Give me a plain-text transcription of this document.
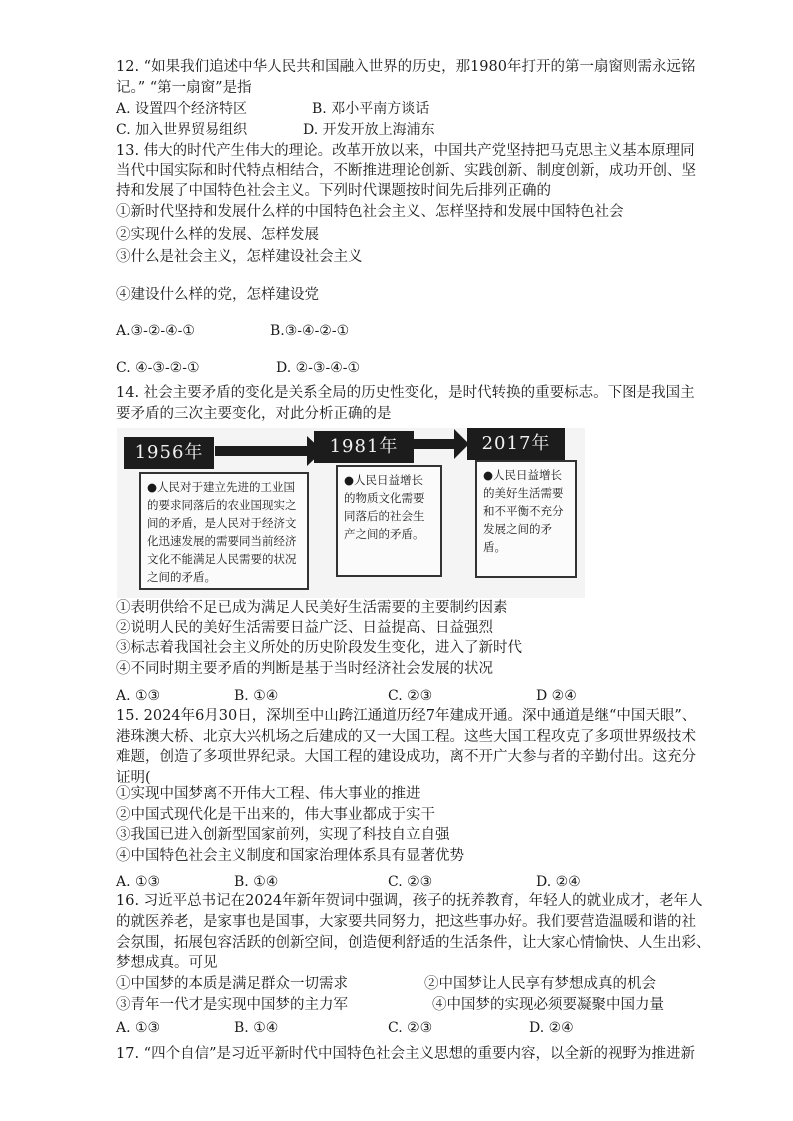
12. “如果我们追述中华人民共和国融入世界的历史，那1980年打开的第一扇窗则需永远铭
记。” “第一扇窗”是指
A. 设置四个经济特区	B. 邓小平南方谈话
C. 加入世界贸易组织	D. 开发开放上海浦东
13. 伟大的时代产生伟大的理论。改革开放以来，中国共产党坚持把马克思主义基本原理同
当代中国实际和时代特点相结合，不断推进理论创新、实践创新、制度创新，成功开创、坚
持和发展了中国特色社会主义。下列时代课题按时间先后排列正确的
①新时代坚持和发展什么样的中国特色社会主义、怎样坚持和发展中国特色社会
②实现什么样的发展、怎样发展
③什么是社会主义，怎样建设社会主义
④建设什么样的党，怎样建设党
A.③-②-④-①	B.③-④-②-①
C. ④-③-②-①	D. ②-③-④-①
14. 社会主要矛盾的变化是关系全局的历史性变化，是时代转换的重要标志。下图是我国主
要矛盾的三次主要变化，对此分析正确的是
1956年	1981年	2017年
●人民对于建立先进的工业国的要求同落后的农业国现实之间的矛盾，是人民对于经济文化迅速发展的需要同当前经济文化不能满足人民需要的状况之间的矛盾。
●人民日益增长的物质文化需要同落后的社会生产之间的矛盾。
●人民日益增长的美好生活需要和不平衡不充分发展之间的矛盾。
①表明供给不足已成为满足人民美好生活需要的主要制约因素
②说明人民的美好生活需要日益广泛、日益提高、日益强烈
③标志着我国社会主义所处的历史阶段发生变化，进入了新时代
④不同时期主要矛盾的判断是基于当时经济社会发展的状况
A. ①③	B. ①④	C. ②③	D ②④
15. 2024年6月30日，深圳至中山跨江通道历经7年建成开通。深中通道是继“中国天眼”、
港珠澳大桥、北京大兴机场之后建成的又一大国工程。这些大国工程攻克了多项世界级技术
难题，创造了多项世界纪录。大国工程的建设成功，离不开广大参与者的辛勤付出。这充分
证明(
①实现中国梦离不开伟大工程、伟大事业的推进
②中国式现代化是干出来的，伟大事业都成于实干
③我国已进入创新型国家前列，实现了科技自立自强
④中国特色社会主义制度和国家治理体系具有显著优势
A. ①③	B. ①④	C. ②③	D. ②④
16. 习近平总书记在2024年新年贺词中强调，孩子的抚养教育，年轻人的就业成才，老年人
的就医养老，是家事也是国事，大家要共同努力，把这些事办好。我们要营造温暖和谐的社
会氛围，拓展包容活跃的创新空间，创造便利舒适的生活条件，让大家心情愉快、人生出彩、
梦想成真。可见
①中国梦的本质是满足群众一切需求	②中国梦让人民享有梦想成真的机会
③青年一代才是实现中国梦的主力军	④中国梦的实现必须要凝聚中国力量
A. ①③	B. ①④	C. ②③	D. ②④
17. “四个自信”是习近平新时代中国特色社会主义思想的重要内容，以全新的视野为推进新
